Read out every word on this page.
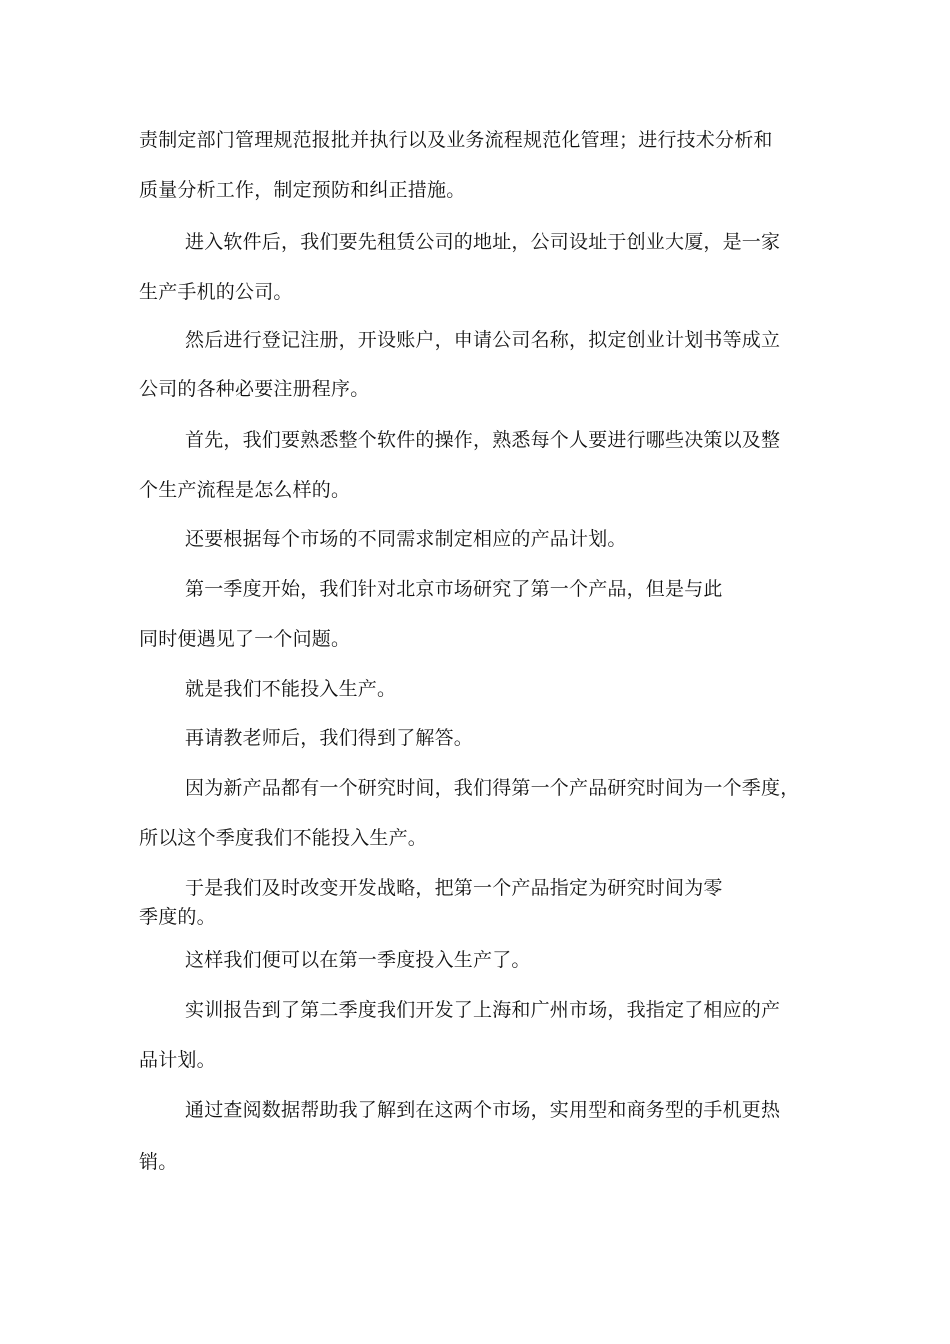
责制定部门管理规范报批并执行以及业务流程规范化管理；进行技术分析和
质量分析工作，制定预防和纠正措施。
进入软件后，我们要先租赁公司的地址，公司设址于创业大厦，是一家
生产手机的公司。
然后进行登记注册，开设账户，申请公司名称，拟定创业计划书等成立
公司的各种必要注册程序。
首先，我们要熟悉整个软件的操作，熟悉每个人要进行哪些决策以及整
个生产流程是怎么样的。
还要根据每个市场的不同需求制定相应的产品计划。
第一季度开始，我们针对北京市场研究了第一个产品，但是与此
同时便遇见了一个问题。
就是我们不能投入生产。
再请教老师后，我们得到了解答。
因为新产品都有一个研究时间，我们得第一个产品研究时间为一个季度，
所以这个季度我们不能投入生产。
于是我们及时改变开发战略，把第一个产品指定为研究时间为零
季度的。
这样我们便可以在第一季度投入生产了。
实训报告到了第二季度我们开发了上海和广州市场，我指定了相应的产
品计划。
通过查阅数据帮助我了解到在这两个市场，实用型和商务型的手机更热
销。
